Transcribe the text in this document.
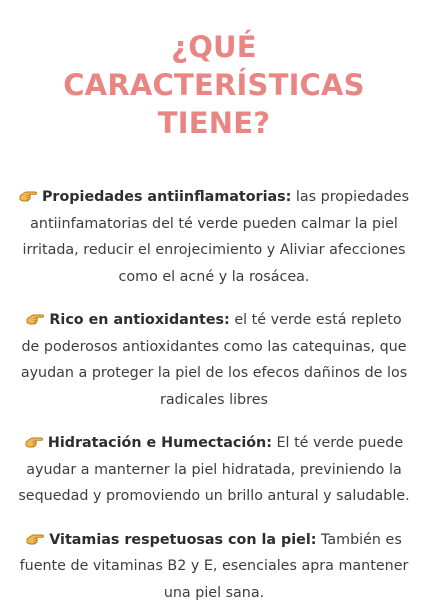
¿QUÉ CARACTERÍSTICAS
TIENE?

Propiedades antiinflamatorias: las propiedades antiinfamatorias del té verde pueden calmar la piel irritada, reducir el enrojecimiento y Aliviar afecciones como el acné y la rosácea.

Rico en antioxidantes: el té verde está repleto de poderosos antioxidantes como las catequinas, que ayudan a proteger la piel de los efecos dañinos de los radicales libres

Hidratación e Humectación: El té verde puede ayudar a manterner la piel hidratada, previniendo la sequedad y promoviendo un brillo antural y saludable.

Vitamias respetuosas con la piel: También es fuente de vitaminas B2 y E, esenciales apra mantener una piel sana.
